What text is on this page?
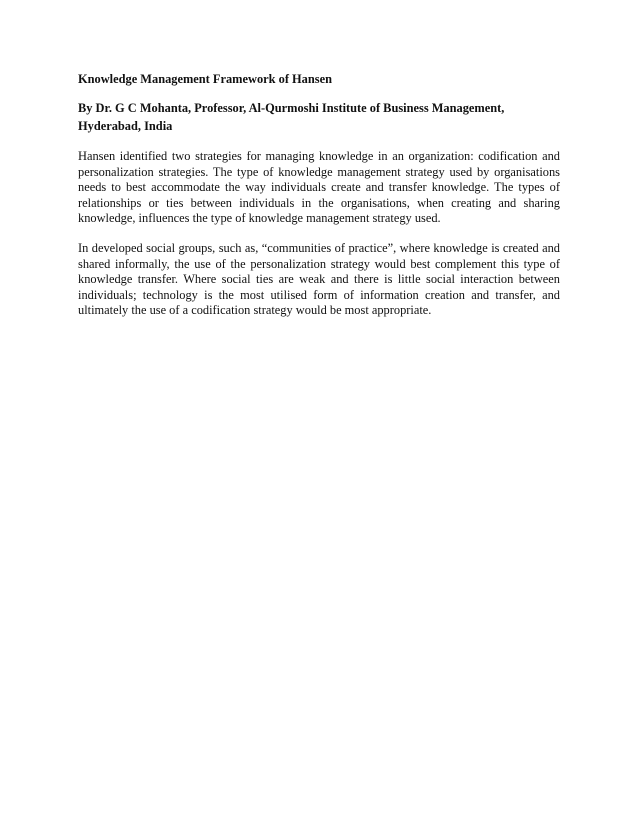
Knowledge Management Framework of Hansen
By Dr. G C Mohanta, Professor, Al-Qurmoshi Institute of Business Management,
Hyderabad, India

Hansen identified two strategies for managing knowledge in an organization: codification and personalization strategies. The type of knowledge management strategy used by organisations needs to best accommodate the way individuals create and transfer knowledge. The types of relationships or ties between individuals in the organisations, when creating and sharing knowledge, influences the type of knowledge management strategy used.

In developed social groups, such as, “communities of practice”, where knowledge is created and shared informally, the use of the personalization strategy would best complement this type of knowledge transfer. Where social ties are weak and there is little social interaction between individuals; technology is the most utilised form of information creation and transfer, and ultimately the use of a codification strategy would be most appropriate.
